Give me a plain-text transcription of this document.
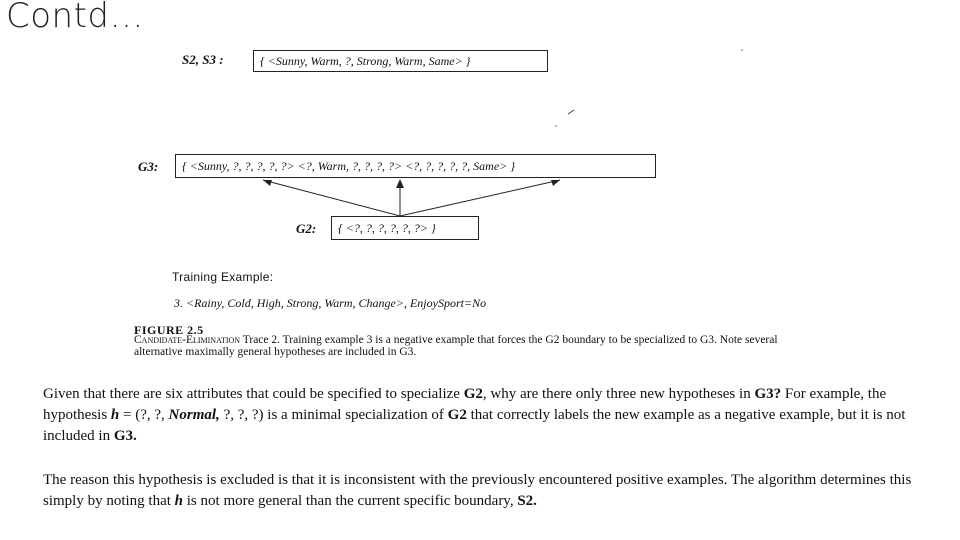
Contd…
S2, S3 :	{ <Sunny, Warm, ?, Strong, Warm, Same> }
G3:	{ <Sunny, ?, ?, ?, ?, ?> <?, Warm, ?, ?, ?, ?> <?, ?, ?, ?, ?, Same> }
G2:	{ <?, ?, ?, ?, ?, ?> }
Training Example:
3. <Rainy, Cold, High, Strong, Warm, Change>, EnjoySport=No
FIGURE 2.5
Candidate-Elimination Trace 2. Training example 3 is a negative example that forces the G2 boundary to be specialized to G3. Note several alternative maximally general hypotheses are included in G3.
Given that there are six attributes that could be specified to specialize G2, why are there only three new hypotheses in G3? For example, the hypothesis h = (?, ?, Normal, ?, ?, ?) is a minimal specialization of G2 that correctly labels the new example as a negative example, but it is not included in G3.
The reason this hypothesis is excluded is that it is inconsistent with the previously encountered positive examples. The algorithm determines this simply by noting that h is not more general than the current specific boundary, S2.
